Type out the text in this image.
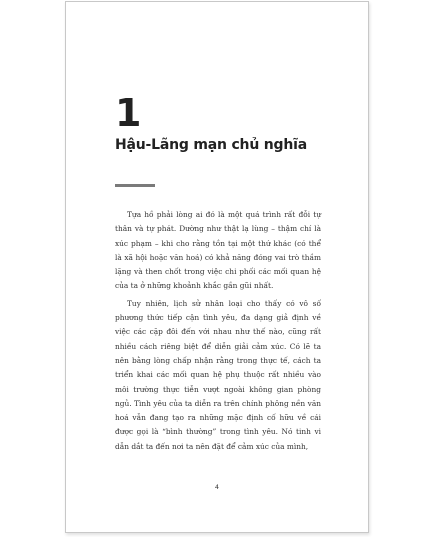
1
Hậu-Lãng mạn chủ nghĩa

Tựa hồ phải lòng ai đó là một quá trình rất đỗi tự thân và tự phát. Dường như thật lạ lùng – thậm chí là xúc phạm – khi cho rằng tồn tại một thứ khác (có thể là xã hội hoặc văn hoá) có khả năng đóng vai trò thầm lặng và then chốt trong việc chi phối các mối quan hệ của ta ở những khoảnh khắc gần gũi nhất.

Tuy nhiên, lịch sử nhân loại cho thấy có vô số phương thức tiếp cận tình yêu, đa dạng giả định về việc các cặp đôi đến với nhau như thế nào, cũng rất nhiều cách riêng biệt để diễn giải cảm xúc. Có lẽ ta nên bằng lòng chấp nhận rằng trong thực tế, cách ta triển khai các mối quan hệ phụ thuộc rất nhiều vào môi trường thực tiễn vượt ngoài không gian phòng ngủ. Tình yêu của ta diễn ra trên chính phông nền văn hoá vẫn đang tạo ra những mặc định cố hữu về cái được gọi là “bình thường” trong tình yêu. Nó tinh vi dẫn dắt ta đến nơi ta nên đặt để cảm xúc của mình,

4
